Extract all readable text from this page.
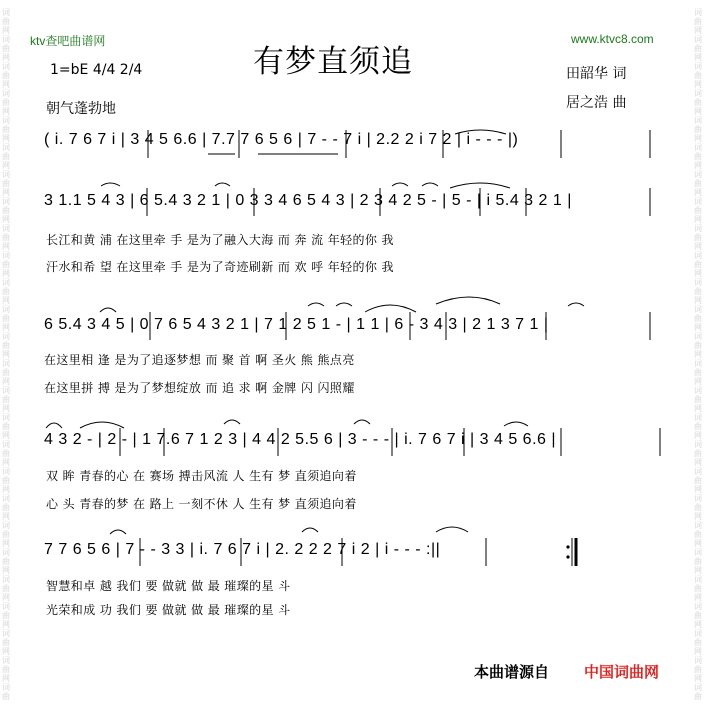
词
曲
网
词
曲
网
词
曲
网
词
曲
网
词
曲
网
词
曲
网
词
曲
网
词
曲
网
词
曲
网
词
曲
网
词
曲
网
词
曲
网
词
曲
网
词
曲
网
词
曲
网
词
曲
网
词
曲
网
词
曲
网
词
曲
网
词
曲
网
词
曲
网
词
曲
网
词
曲
网
词
曲
网
词
曲
网
词
曲
词
曲
网
词
曲
网
词
曲
网
词
曲
网
词
曲
网
词
曲
网
词
曲
网
词
曲
网
词
曲
网
词
曲
网
词
曲
网
词
曲
网
词
曲
网
词
曲
网
词
曲
网
词
曲
网
词
曲
网
词
曲
网
词
曲
网
词
曲
网
词
曲
网
词
曲
网
词
曲
网
词
曲
网
词
曲
网
词
曲
ktv查吧曲谱网	www.ktvc8.com
有梦直须追
1=bE 4/4 2/4
朝气蓬勃地
田韶华 词
居之浩 曲
( i. 7 6 7 i | 3 4 5 6.6 | 7.7 7 6 5 6 | 7 - - 7 i | 2.2 2 i 7 2 | i - - - |)
3 1.1 5 4 3 | 6 5.4 3 2 1 | 0 3 3 4 6 5 4 3 | 2 3 4 2 5 - | 5 - | i 5.4 3 2 1 |
长江和黄 浦 在这里牵 手 是为了融入大海 而 奔 流 年轻的你 我
汗水和希 望 在这里牵 手 是为了奇迹刷新 而 欢 呼 年轻的你 我
6 5.4 3 4 5 | 0 7 6 5 4 3 2 1 | 7 1 2 5 1 - | 1 1 | 6 - 3 4 3 | 2 1 3 7 1 |
在这里相 逢 是为了追逐梦想 而 聚 首 啊 圣火 熊 熊点亮
在这里拼 搏 是为了梦想绽放 而 追 求 啊 金牌 闪 闪照耀
4 3 2 - | 2 - | 1 7.6 7 1 2 3 | 4 4 2 5.5 6 | 3 - - - | i. 7 6 7 i | 3 4 5 6.6 |
双 眸 青春的心 在 赛场 搏击风流 人 生有 梦 直须追向着
心 头 青春的梦 在 路上 一刻不休 人 生有 梦 直须追向着
7 7 6 5 6 | 7 - - 3 3 | i. 7 6 7 i | 2. 2 2 2 7 i 2 | i - - - :||
智慧和卓 越 我们 要 做就 做 最 璀璨的星 斗
光荣和成 功 我们 要 做就 做 最 璀璨的星 斗
本曲谱源自 中国词曲网
